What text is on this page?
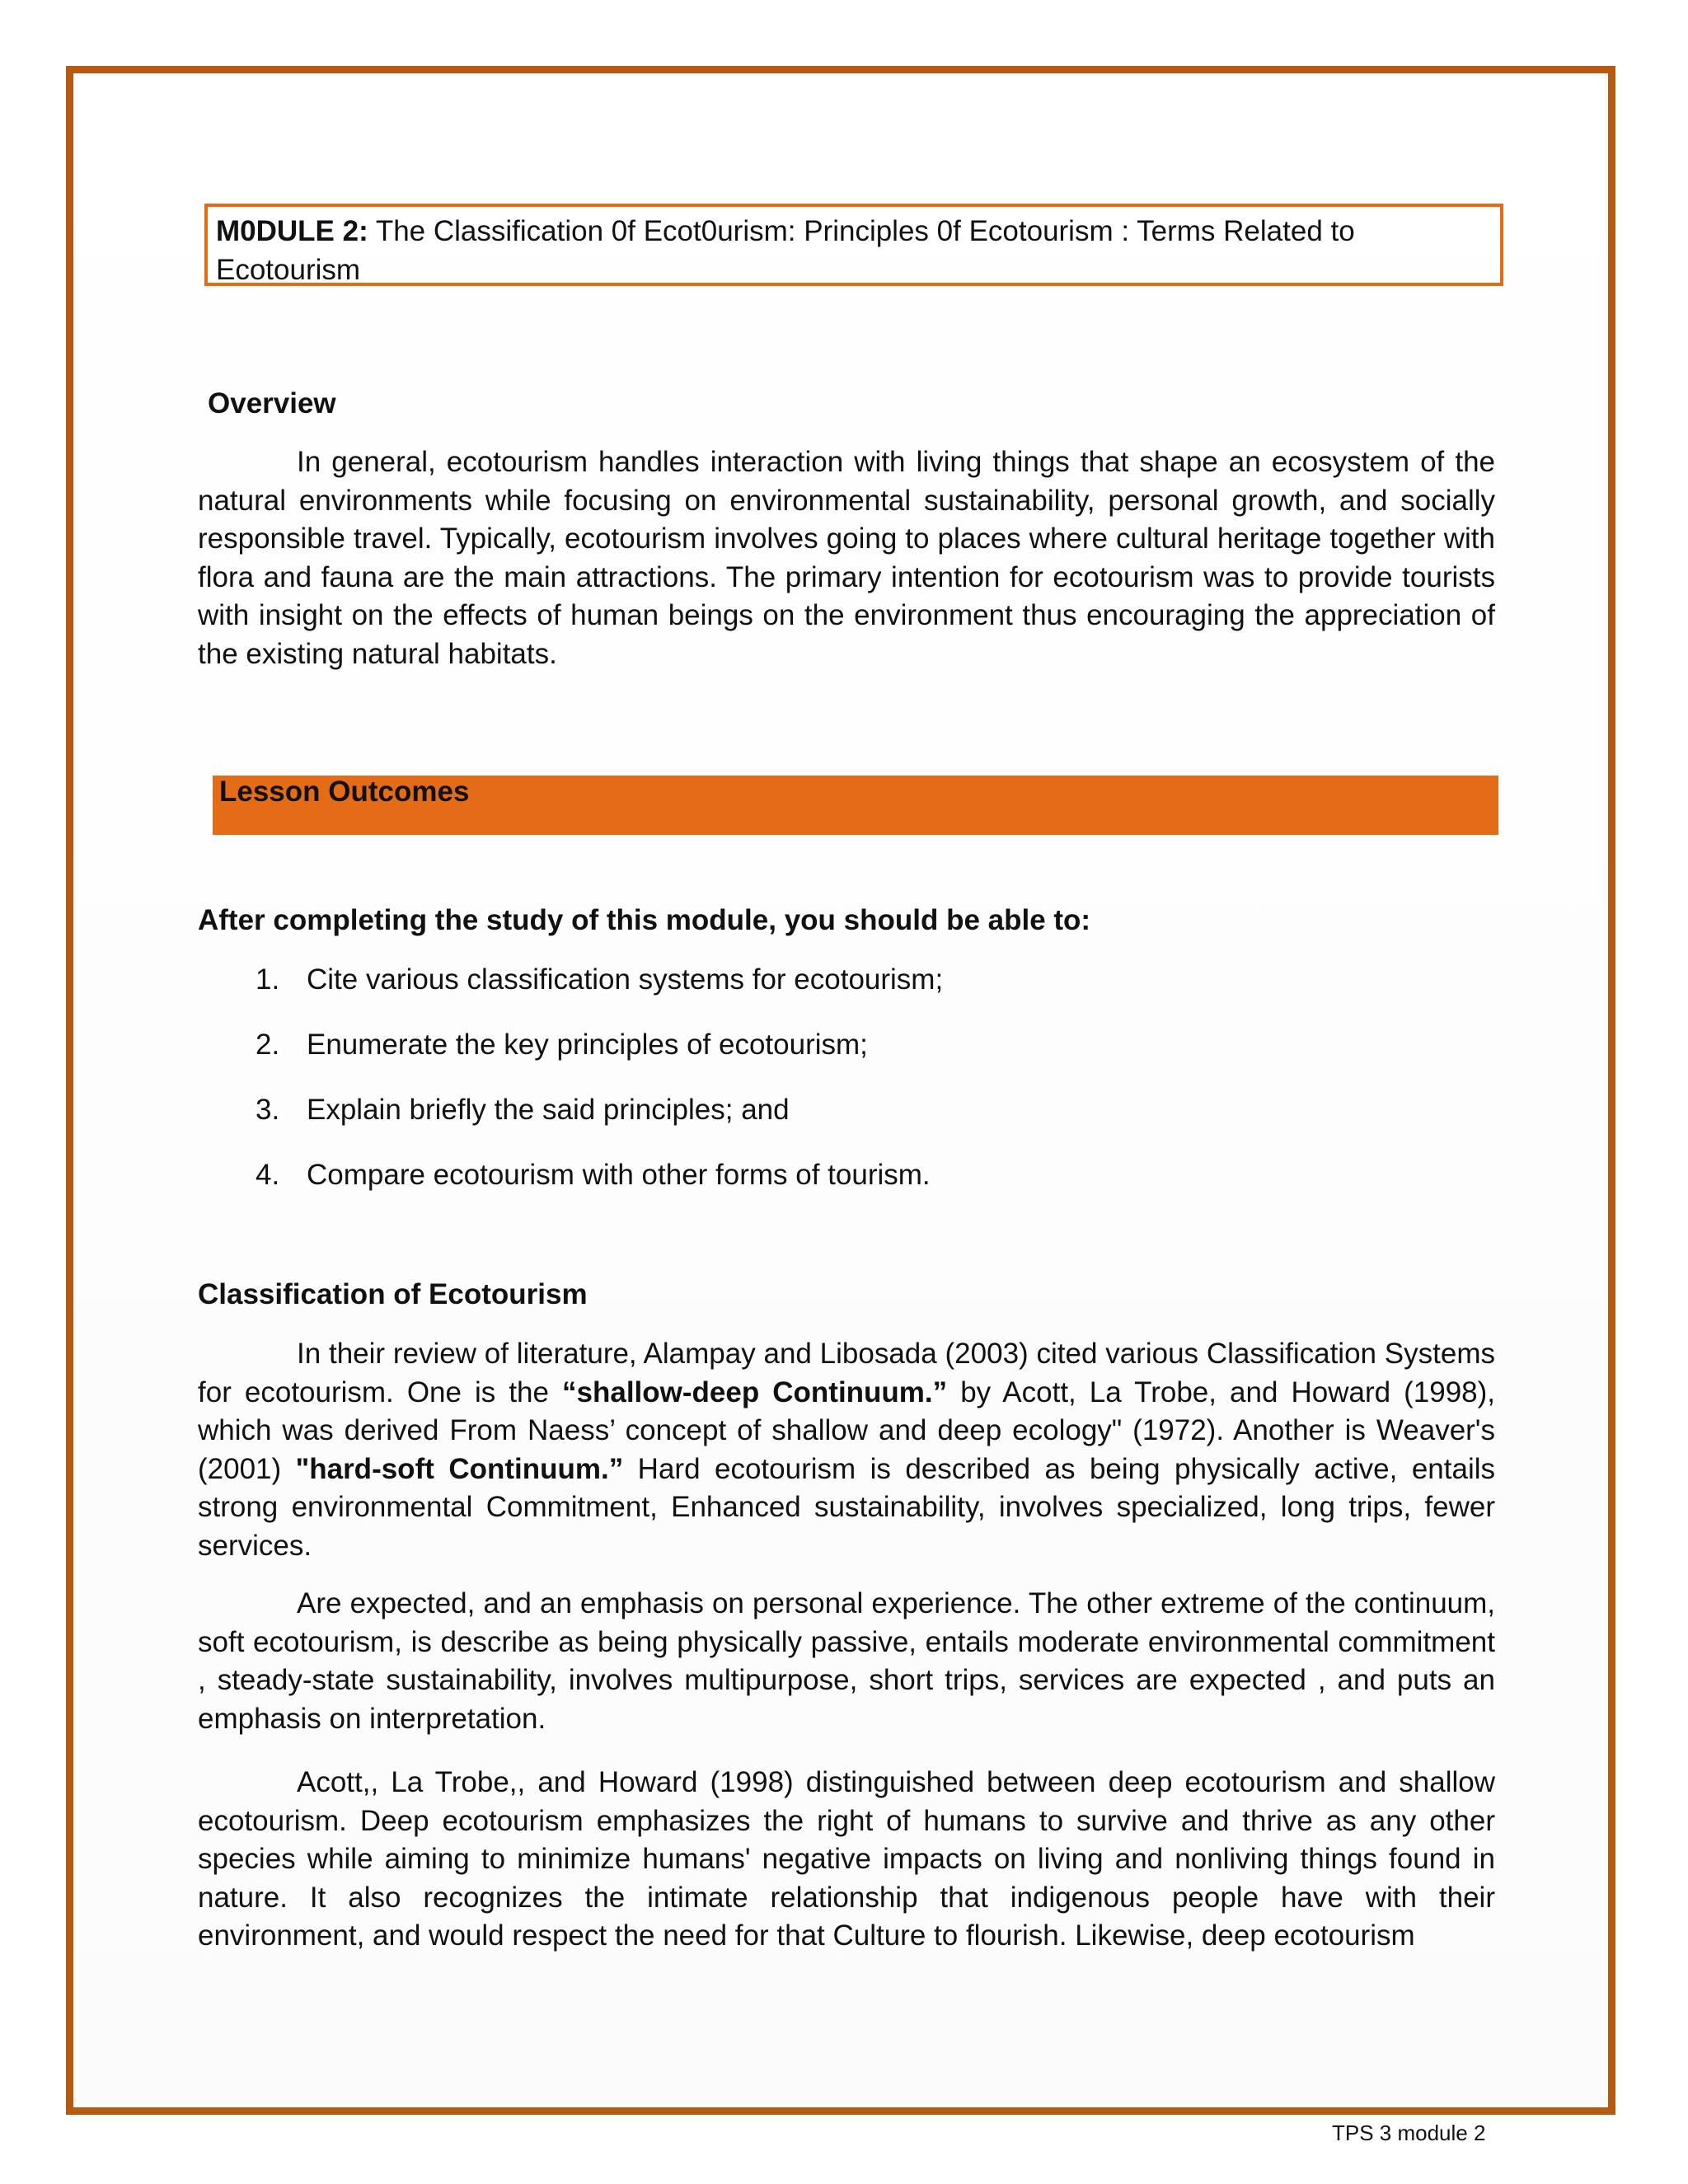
M0DULE 2: The Classification 0f Ecot0urism: Principles 0f Ecotourism : Terms Related to Ecotourism
Overview

In general, ecotourism handles interaction with living things that shape an ecosystem of the natural environments while focusing on environmental sustainability, personal growth, and socially responsible travel. Typically, ecotourism involves going to places where cultural heritage together with flora and fauna are the main attractions. The primary intention for ecotourism was to provide tourists with insight on the effects of human beings on the environment thus encouraging the appreciation of the existing natural habitats.

Lesson Outcomes
After completing the study of this module, you should be able to:
1. Cite various classification systems for ecotourism;
2. Enumerate the key principles of ecotourism;
3. Explain briefly the said principles; and
4. Compare ecotourism with other forms of tourism.
Classification of Ecotourism

In their review of literature, Alampay and Libosada (2003) cited various Classification Systems for ecotourism. One is the “shallow-deep Continuum.” by Acott, La Trobe, and Howard (1998), which was derived From Naess’ concept of shallow and deep ecology" (1972). Another is Weaver's (2001) "hard-soft Continuum.” Hard ecotourism is described as being physically active, entails strong environmental Commitment, Enhanced sustainability, involves specialized, long trips, fewer services.

Are expected, and an emphasis on personal experience. The other extreme of the continuum, soft ecotourism, is describe as being physically passive, entails moderate environmental commitment , steady-state sustainability, involves multipurpose, short trips, services are expected , and puts an emphasis on interpretation.

Acott,, La Trobe,, and Howard (1998) distinguished between deep ecotourism and shallow ecotourism. Deep ecotourism emphasizes the right of humans to survive and thrive as any other species while aiming to minimize humans' negative impacts on living and nonliving things found in nature. It also recognizes the intimate relationship that indigenous people have with their environment, and would respect the need for that Culture to flourish. Likewise, deep ecotourism

TPS 3 module 2
